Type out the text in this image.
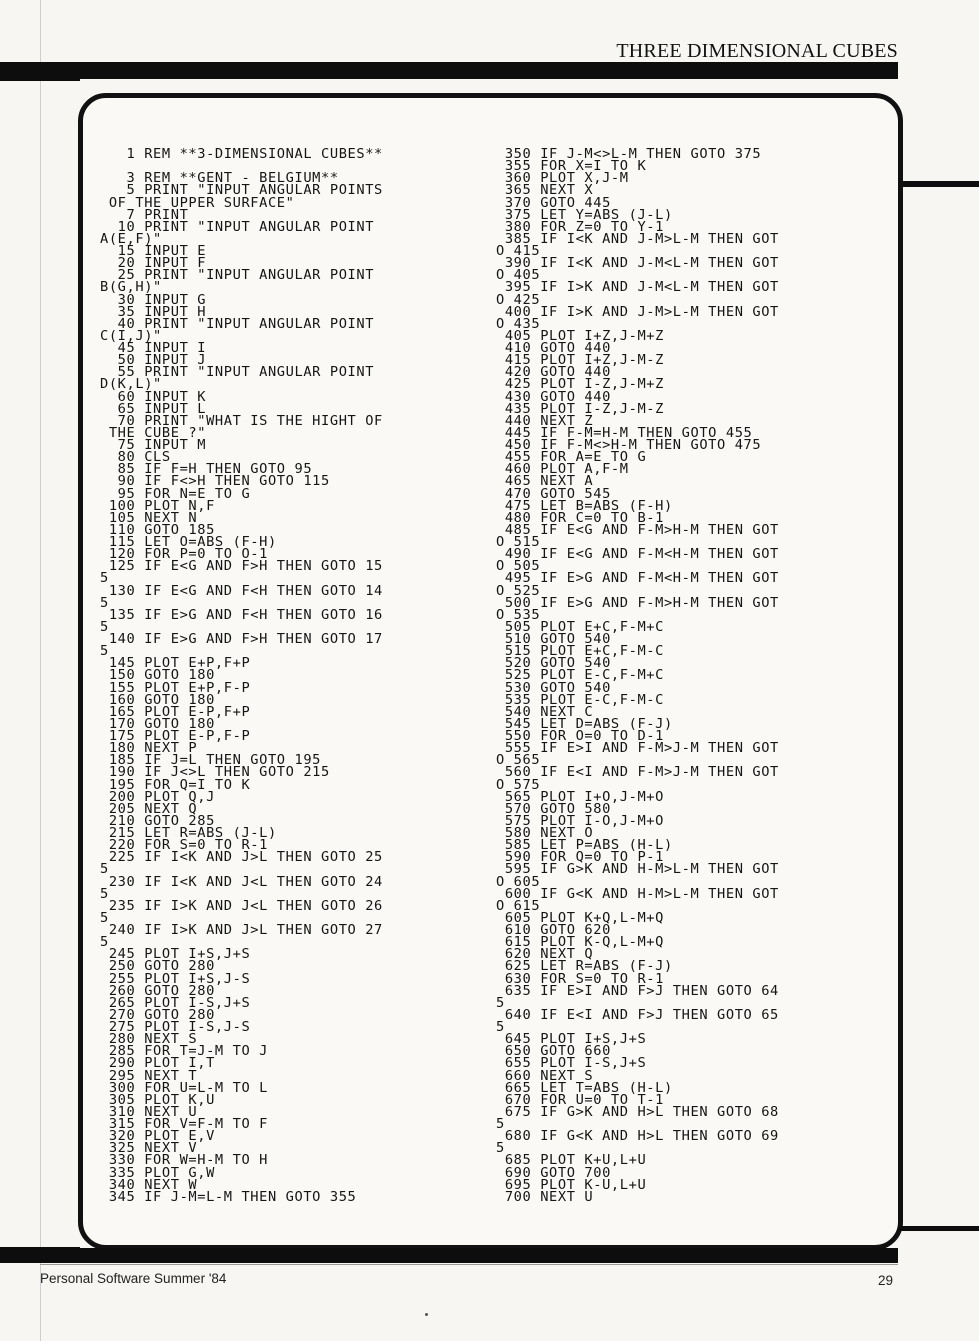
THREE DIMENSIONAL CUBES
1 REM **3-DIMENSIONAL CUBES**

3 REM **GENT - BELGIUM**
5 PRINT "INPUT ANGULAR POINTS
OF THE UPPER SURFACE"
7 PRINT
10 PRINT "INPUT ANGULAR POINT
A(E,F)"
15 INPUT E
20 INPUT F
25 PRINT "INPUT ANGULAR POINT
B(G,H)"
30 INPUT G
35 INPUT H
40 PRINT "INPUT ANGULAR POINT
C(I,J)"
45 INPUT I
50 INPUT J
55 PRINT "INPUT ANGULAR POINT
D(K,L)"
60 INPUT K
65 INPUT L
70 PRINT "WHAT IS THE HIGHT OF
THE CUBE ?"
75 INPUT M
80 CLS
85 IF F=H THEN GOTO 95
90 IF F<>H THEN GOTO 115
95 FOR N=E TO G
100 PLOT N,F
105 NEXT N
110 GOTO 185
115 LET O=ABS (F-H)
120 FOR P=0 TO O-1
125 IF E<G AND F>H THEN GOTO 15
5
130 IF E<G AND F<H THEN GOTO 14
5
135 IF E>G AND F<H THEN GOTO 16
5
140 IF E>G AND F>H THEN GOTO 17
5
145 PLOT E+P,F+P
150 GOTO 180
155 PLOT E+P,F-P
160 GOTO 180
165 PLOT E-P,F+P
170 GOTO 180
175 PLOT E-P,F-P
180 NEXT P
185 IF J=L THEN GOTO 195
190 IF J<>L THEN GOTO 215
195 FOR Q=I TO K
200 PLOT Q,J
205 NEXT Q
210 GOTO 285
215 LET R=ABS (J-L)
220 FOR S=0 TO R-1
225 IF I<K AND J>L THEN GOTO 25
5
230 IF I<K AND J<L THEN GOTO 24
5
235 IF I>K AND J<L THEN GOTO 26
5
240 IF I>K AND J>L THEN GOTO 27
5
245 PLOT I+S,J+S
250 GOTO 280
255 PLOT I+S,J-S
260 GOTO 280
265 PLOT I-S,J+S
270 GOTO 280
275 PLOT I-S,J-S
280 NEXT S
285 FOR T=J-M TO J
290 PLOT I,T
295 NEXT T
300 FOR U=L-M TO L
305 PLOT K,U
310 NEXT U
315 FOR V=F-M TO F
320 PLOT E,V
325 NEXT V
330 FOR W=H-M TO H
335 PLOT G,W
340 NEXT W
345 IF J-M=L-M THEN GOTO 355

350 IF J-M<>L-M THEN GOTO 375
355 FOR X=I TO K
360 PLOT X,J-M
365 NEXT X
370 GOTO 445
375 LET Y=ABS (J-L)
380 FOR Z=0 TO Y-1
385 IF I<K AND J-M>L-M THEN GOT
O 415
390 IF I<K AND J-M<L-M THEN GOT
O 405
395 IF I>K AND J-M<L-M THEN GOT
O 425
400 IF I>K AND J-M>L-M THEN GOT
O 435
405 PLOT I+Z,J-M+Z
410 GOTO 440
415 PLOT I+Z,J-M-Z
420 GOTO 440
425 PLOT I-Z,J-M+Z
430 GOTO 440
435 PLOT I-Z,J-M-Z
440 NEXT Z
445 IF F-M=H-M THEN GOTO 455
450 IF F-M<>H-M THEN GOTO 475
455 FOR A=E TO G
460 PLOT A,F-M
465 NEXT A
470 GOTO 545
475 LET B=ABS (F-H)
480 FOR C=0 TO B-1
485 IF E<G AND F-M>H-M THEN GOT
O 515
490 IF E<G AND F-M<H-M THEN GOT
O 505
495 IF E>G AND F-M<H-M THEN GOT
O 525
500 IF E>G AND F-M>H-M THEN GOT
O 535
505 PLOT E+C,F-M+C
510 GOTO 540
515 PLOT E+C,F-M-C
520 GOTO 540
525 PLOT E-C,F-M+C
530 GOTO 540
535 PLOT E-C,F-M-C
540 NEXT C
545 LET D=ABS (F-J)
550 FOR O=0 TO D-1
555 IF E>I AND F-M>J-M THEN GOT
O 565
560 IF E<I AND F-M>J-M THEN GOT
O 575
565 PLOT I+O,J-M+O
570 GOTO 580
575 PLOT I-O,J-M+O
580 NEXT O
585 LET P=ABS (H-L)
590 FOR Q=0 TO P-1
595 IF G>K AND H-M>L-M THEN GOT
O 605
600 IF G<K AND H-M>L-M THEN GOT
O 615
605 PLOT K+Q,L-M+Q
610 GOTO 620
615 PLOT K-Q,L-M+Q
620 NEXT Q
625 LET R=ABS (F-J)
630 FOR S=0 TO R-1
635 IF E>I AND F>J THEN GOTO 64
5
640 IF E<I AND F>J THEN GOTO 65
5
645 PLOT I+S,J+S
650 GOTO 660
655 PLOT I-S,J+S
660 NEXT S
665 LET T=ABS (H-L)
670 FOR U=0 TO T-1
675 IF G>K AND H>L THEN GOTO 68
5
680 IF G<K AND H>L THEN GOTO 69
5
685 PLOT K+U,L+U
690 GOTO 700
695 PLOT K-U,L+U
700 NEXT U

Personal Software Summer '84	29
